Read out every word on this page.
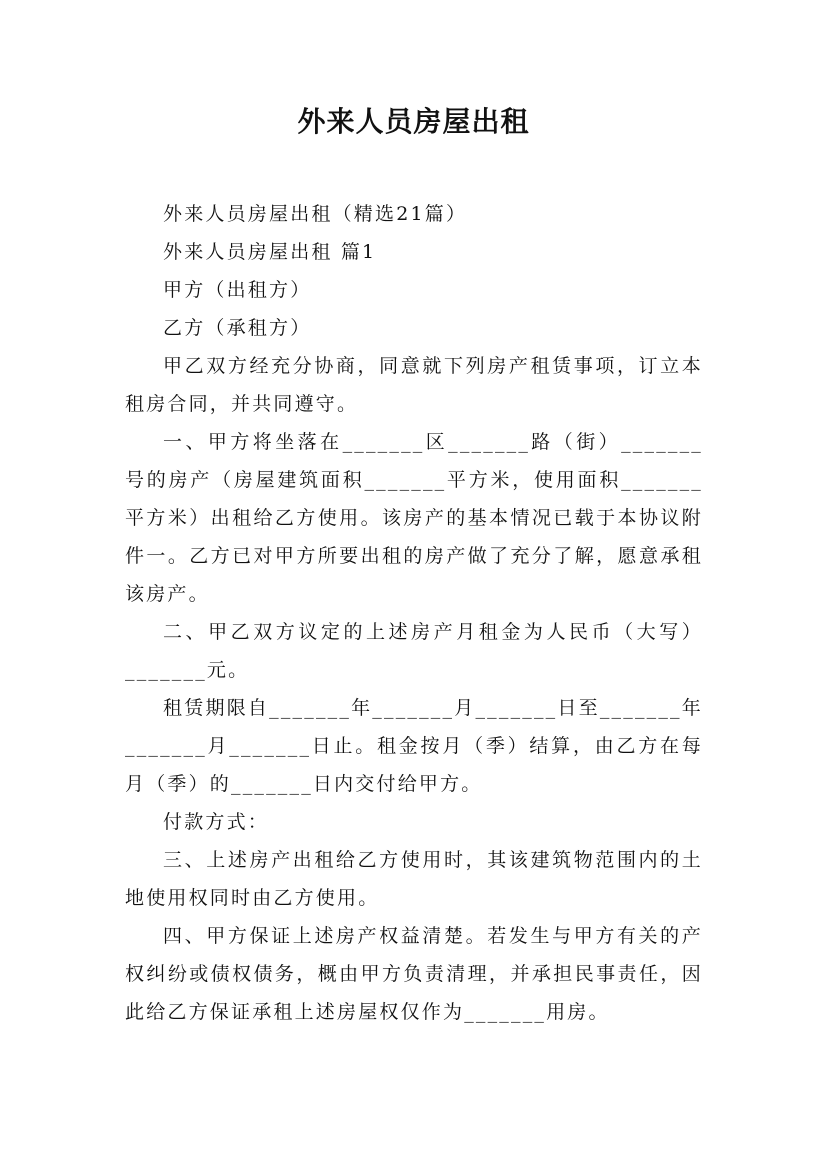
外来人员房屋出租

外来人员房屋出租（精选21篇）

外来人员房屋出租 篇1

甲方（出租方）

乙方（承租方）

甲乙双方经充分协商，同意就下列房产租赁事项，订立本租房合同，并共同遵守。

一、甲方将坐落在_______区_______路（街）_______号的房产（房屋建筑面积_______平方米，使用面积_______平方米）出租给乙方使用。该房产的基本情况已载于本协议附件一。乙方已对甲方所要出租的房产做了充分了解，愿意承租该房产。

二、甲乙双方议定的上述房产月租金为人民币（大写）_______元。

租赁期限自_______年_______月_______日至_______年_______月_______日止。租金按月（季）结算，由乙方在每月（季）的_______日内交付给甲方。

付款方式：

三、上述房产出租给乙方使用时，其该建筑物范围内的土地使用权同时由乙方使用。

四、甲方保证上述房产权益清楚。若发生与甲方有关的产权纠纷或债权债务，概由甲方负责清理，并承担民事责任，因此给乙方保证承租上述房屋权仅作为_______用房。
